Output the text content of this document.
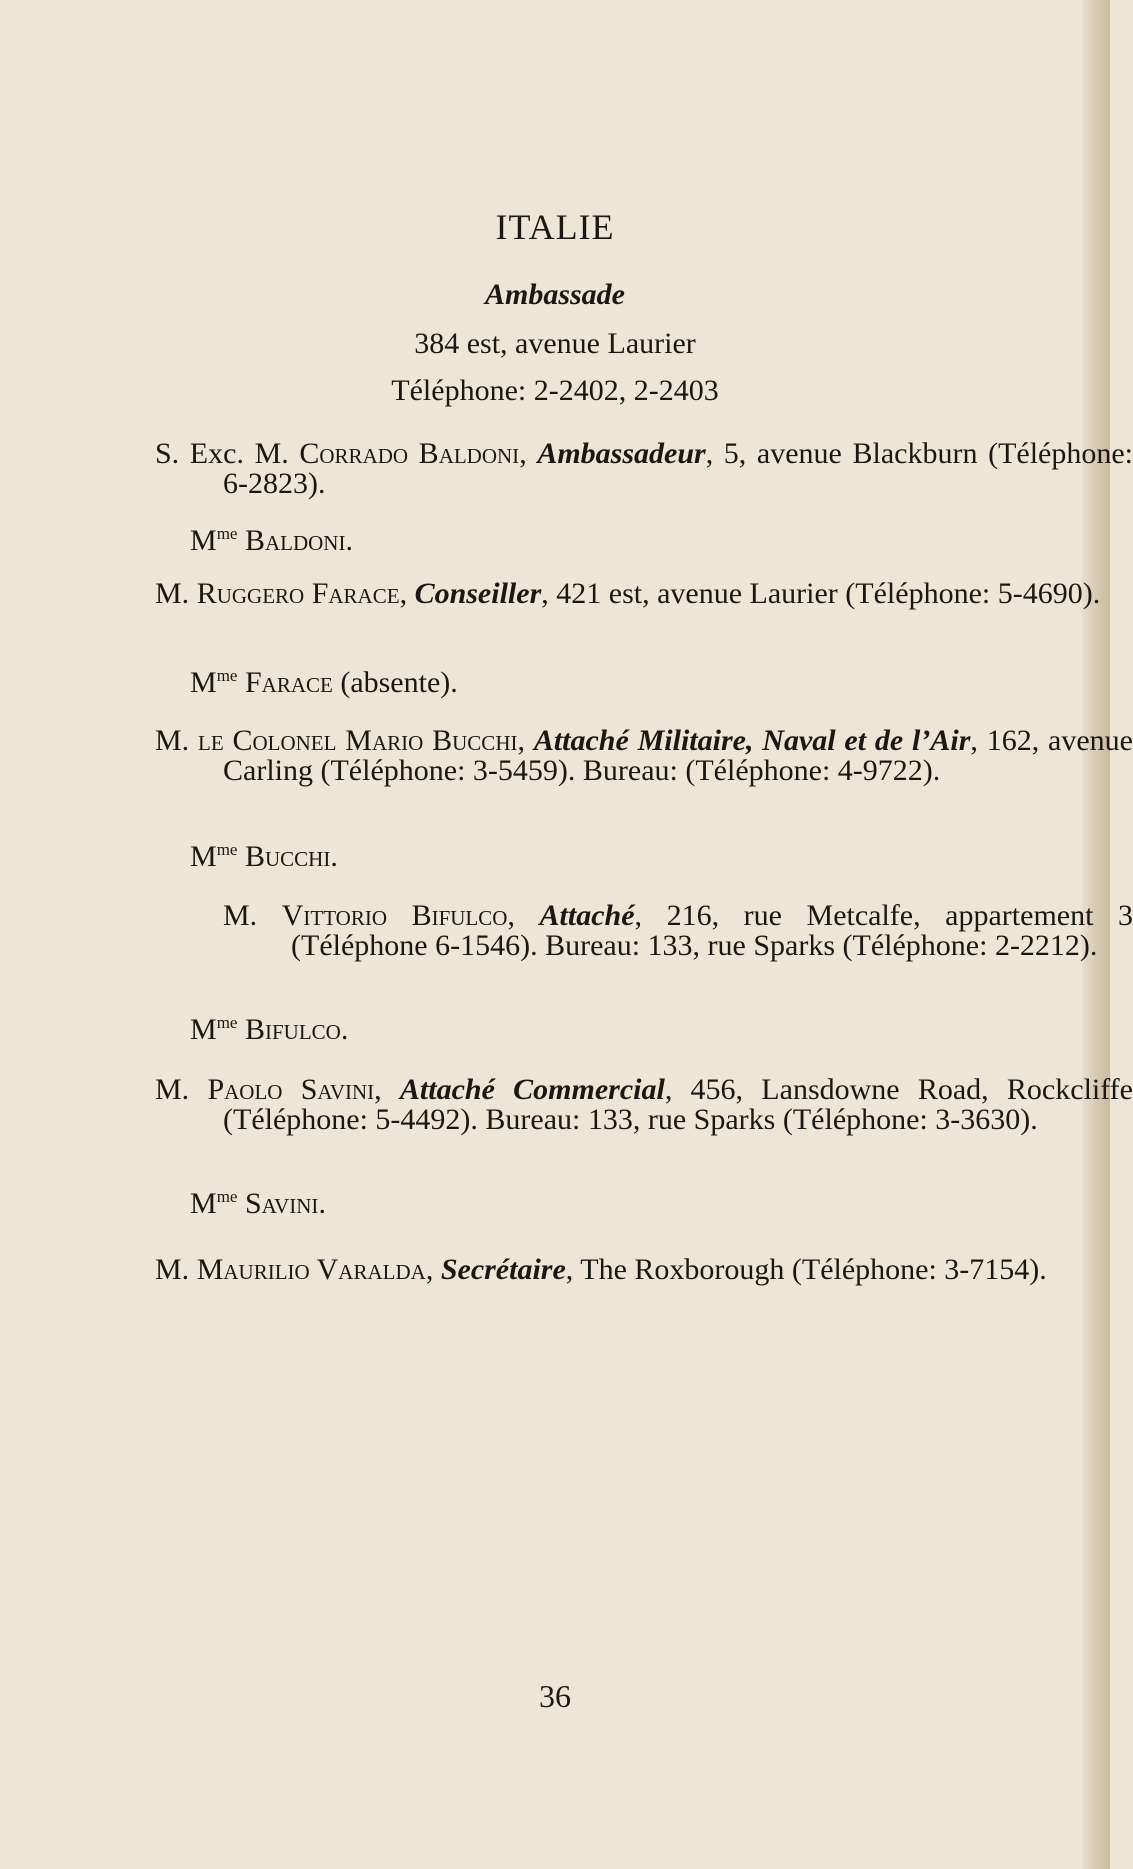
ITALIE
Ambassade
384 est, avenue Laurier
Téléphone: 2-2402, 2-2403
S. Exc. M. Corrado Baldoni, Ambassadeur, 5, avenue Blackburn (Téléphone: 6-2823).
$M^{me}$ Baldoni.
M. Ruggero Farace, Conseiller, 421 est, avenue Laurier (Téléphone: 5-4690).
$M^{me}$ Farace (absente).
M. le Colonel Mario Bucchi, Attaché Militaire, Naval et de l’Air, 162, avenue Carling (Téléphone: 3-5459). Bureau: (Téléphone: 4-9722).
$M^{me}$ Bucchi.
M. Vittorio Bifulco, Attaché, 216, rue Metcalfe, appartement 3 (Téléphone 6-1546). Bureau: 133, rue Sparks (Téléphone: 2-2212).
$M^{me}$ Bifulco.
M. Paolo Savini, Attaché Commercial, 456, Lansdowne Road, Rockcliffe (Téléphone: 5-4492). Bureau: 133, rue Sparks (Téléphone: 3-3630).
$M^{me}$ Savini.
M. Maurilio Varalda, Secrétaire, The Roxborough (Téléphone: 3-7154).
36
